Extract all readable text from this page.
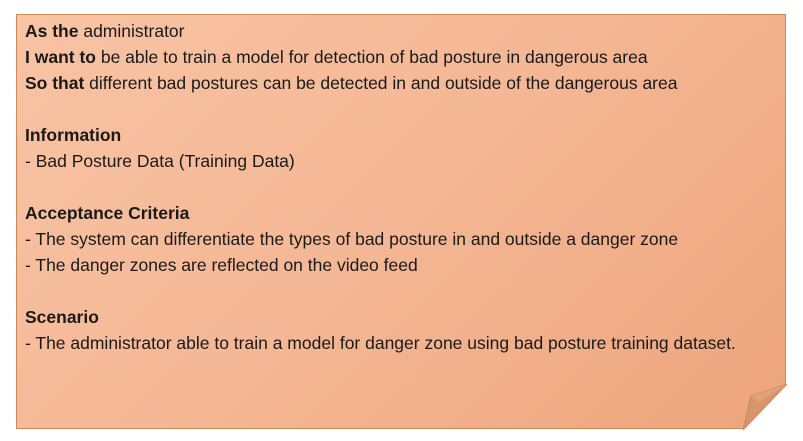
As the administrator

I want to be able to train a model for detection of bad posture in dangerous area

So that different bad postures can be detected in and outside of the dangerous area

Information

- Bad Posture Data (Training Data)

Acceptance Criteria

- The system can differentiate the types of bad posture in and outside a danger zone

- The danger zones are reflected on the video feed

Scenario

- The administrator able to train a model for danger zone using bad posture training dataset.
